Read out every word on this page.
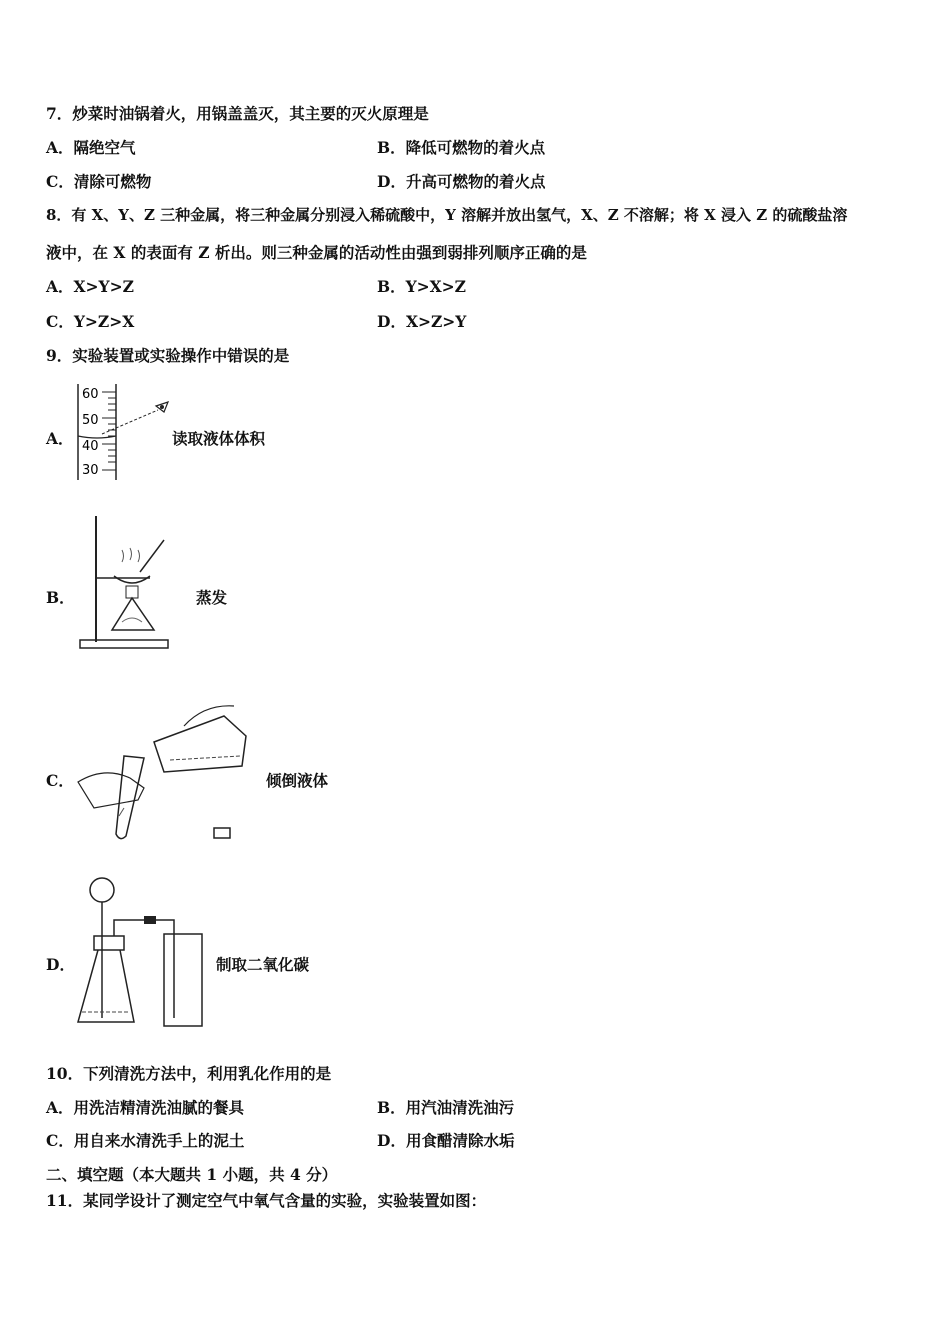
7．炒菜时油锅着火，用锅盖盖灭，其主要的灭火原理是
A．隔绝空气	B．降低可燃物的着火点
C．清除可燃物	D．升高可燃物的着火点
8．有 X、Y、Z 三种金属，将三种金属分别浸入稀硫酸中，Y 溶解并放出氢气，X、Z 不溶解；将 X 浸入 Z 的硫酸盐溶
液中，在 X 的表面有 Z 析出。则三种金属的活动性由强到弱排列顺序正确的是
A．X>Y>Z	B．Y>X>Z
C．Y>Z>X	D．X>Z>Y
9．实验装置或实验操作中错误的是
A．
60
50
40
30
读取液体体积
B．	蒸发
C．	倾倒液体
D．	制取二氧化碳
10．下列清洗方法中，利用乳化作用的是
A．用洗洁精清洗油腻的餐具	B．用汽油清洗油污
C．用自来水清洗手上的泥土	D．用食醋清除水垢
二、填空题（本大题共 1 小题，共 4 分）
11．某同学设计了测定空气中氧气含量的实验，实验装置如图：
